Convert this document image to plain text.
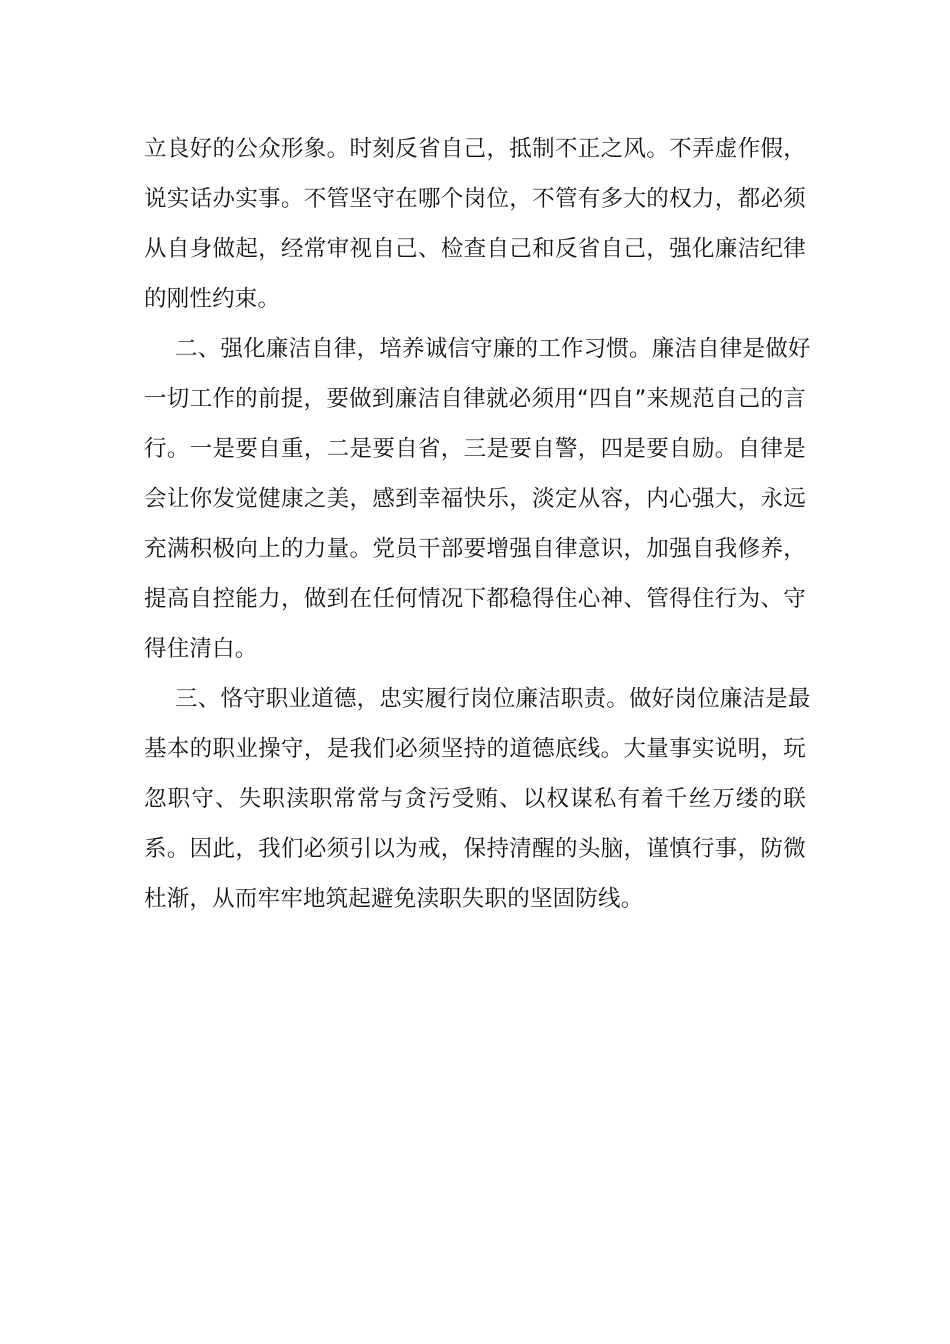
立良好的公众形象。时刻反省自己，抵制不正之风。不弄虚作假，
说实话办实事。不管坚守在哪个岗位，不管有多大的权力，都必须
从自身做起，经常审视自己、检查自己和反省自己，强化廉洁纪律
的刚性约束。
二、强化廉洁自律，培养诚信守廉的工作习惯。廉洁自律是做好
一切工作的前提，要做到廉洁自律就必须用“四自”来规范自己的言
行。一是要自重，二是要自省，三是要自警，四是要自励。自律是
会让你发觉健康之美，感到幸福快乐，淡定从容，内心强大，永远
充满积极向上的力量。党员干部要增强自律意识，加强自我修养，
提高自控能力，做到在任何情况下都稳得住心神、管得住行为、守
得住清白。
三、恪守职业道德，忠实履行岗位廉洁职责。做好岗位廉洁是最
基本的职业操守，是我们必须坚持的道德底线。大量事实说明，玩
忽职守、失职渎职常常与贪污受贿、以权谋私有着千丝万缕的联
系。因此，我们必须引以为戒，保持清醒的头脑，谨慎行事，防微
杜渐，从而牢牢地筑起避免渎职失职的坚固防线。
